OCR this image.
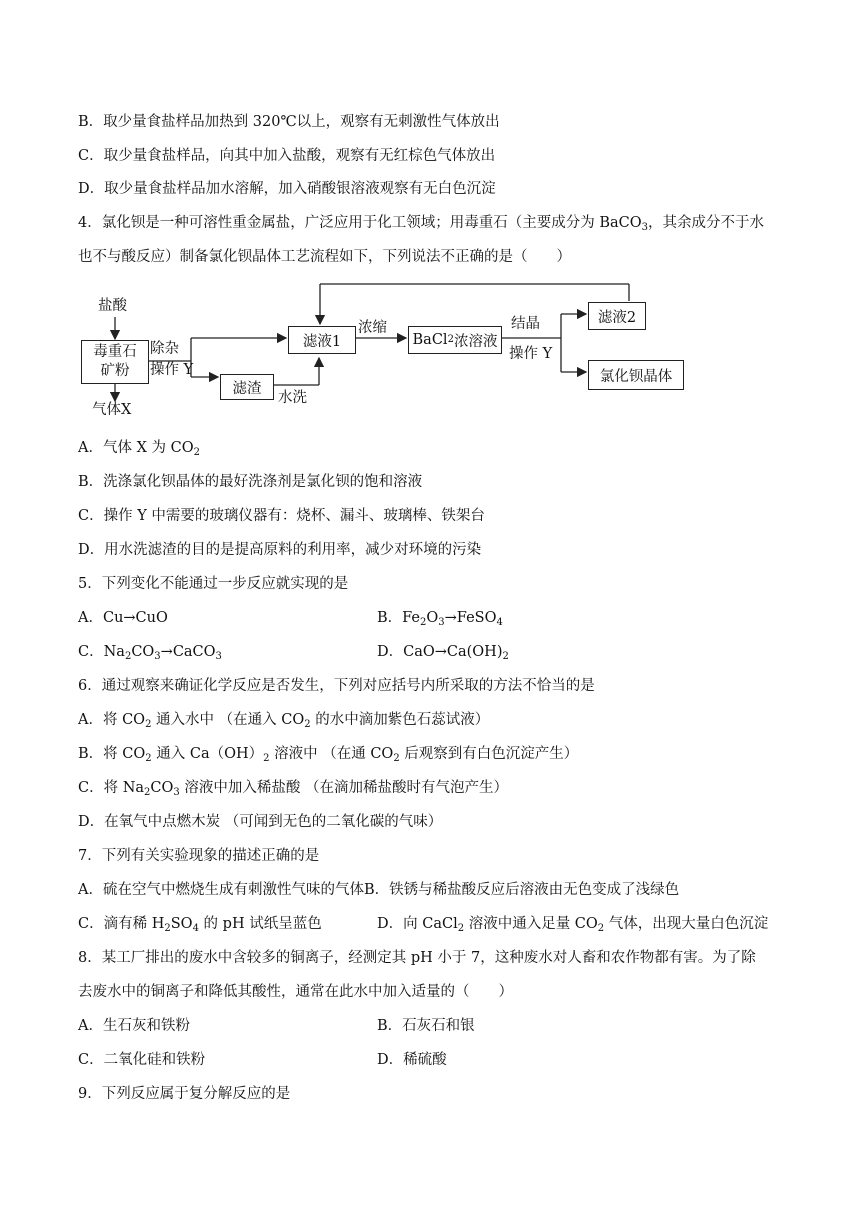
B．取少量食盐样品加热到 320℃以上，观察有无刺激性气体放出
C．取少量食盐样品，向其中加入盐酸，观察有无红棕色气体放出
D．取少量食盐样品加水溶解，加入硝酸银溶液观察有无白色沉淀
4．氯化钡是一种可溶性重金属盐，广泛应用于化工领域；用毒重石（主要成分为 BaCO$_3$，其余成分不于水
也不与酸反应）制备氯化钡晶体工艺流程如下，下列说法不正确的是（　　）
A．气体 X 为 $CO_2$
B．洗涤氯化钡晶体的最好洗涤剂是氯化钡的饱和溶液
C．操作 Y 中需要的玻璃仪器有：烧杯、漏斗、玻璃棒、铁架台
D．用水洗滤渣的目的是提高原料的利用率，减少对环境的污染
5．下列变化不能通过一步反应就实现的是
6．通过观察来确证化学反应是否发生，下列对应括号内所采取的方法不恰当的是
A．将 $CO_2$ 通入水中 （在通入 $CO_2$ 的水中滴加紫色石蕊试液）
B．将 $CO_2$ 通入 $Ca(OH)_2$ 溶液中 （在通 $CO_2$ 后观察到有白色沉淀产生）
C．将 $Na_2CO_3$ 溶液中加入稀盐酸 （在滴加稀盐酸时有气泡产生）
D．在氧气中点燃木炭 （可闻到无色的二氧化碳的气味）
7．下列有关实验现象的描述正确的是
A．硫在空气中燃烧生成有刺激性气味的气体B．铁锈与稀盐酸反应后溶液由无色变成了浅绿色
8．某工厂排出的废水中含较多的铜离子，经测定其 pH 小于 7，这种废水对人畜和农作物都有害。为了除
去废水中的铜离子和降低其酸性，通常在此水中加入适量的（　　）
9．下列反应属于复分解反应的是
A．Cu→CuO	B．$Fe_2O_3\to FeSO_4$
C．$Na_2CO_3\to CaCO_3$	D．$CaO\to Ca(OH)_2$
C．滴有稀 $H_2SO_4$ 的 pH 试纸呈蓝色	D．向 CaCl$_2$ 溶液中通入足量 $CO_2$ 气体，出现大量白色沉淀
A．生石灰和铁粉	B．石灰石和银
C．二氧化硅和铁粉	D．稀硫酸
盐酸
毒重石
矿粉
气体X
除杂
操作 Y
滤渣
水洗
滤液1
浓缩
BaCl 2 浓溶液
结晶
操作 Y
滤液2
氯化钡晶体
